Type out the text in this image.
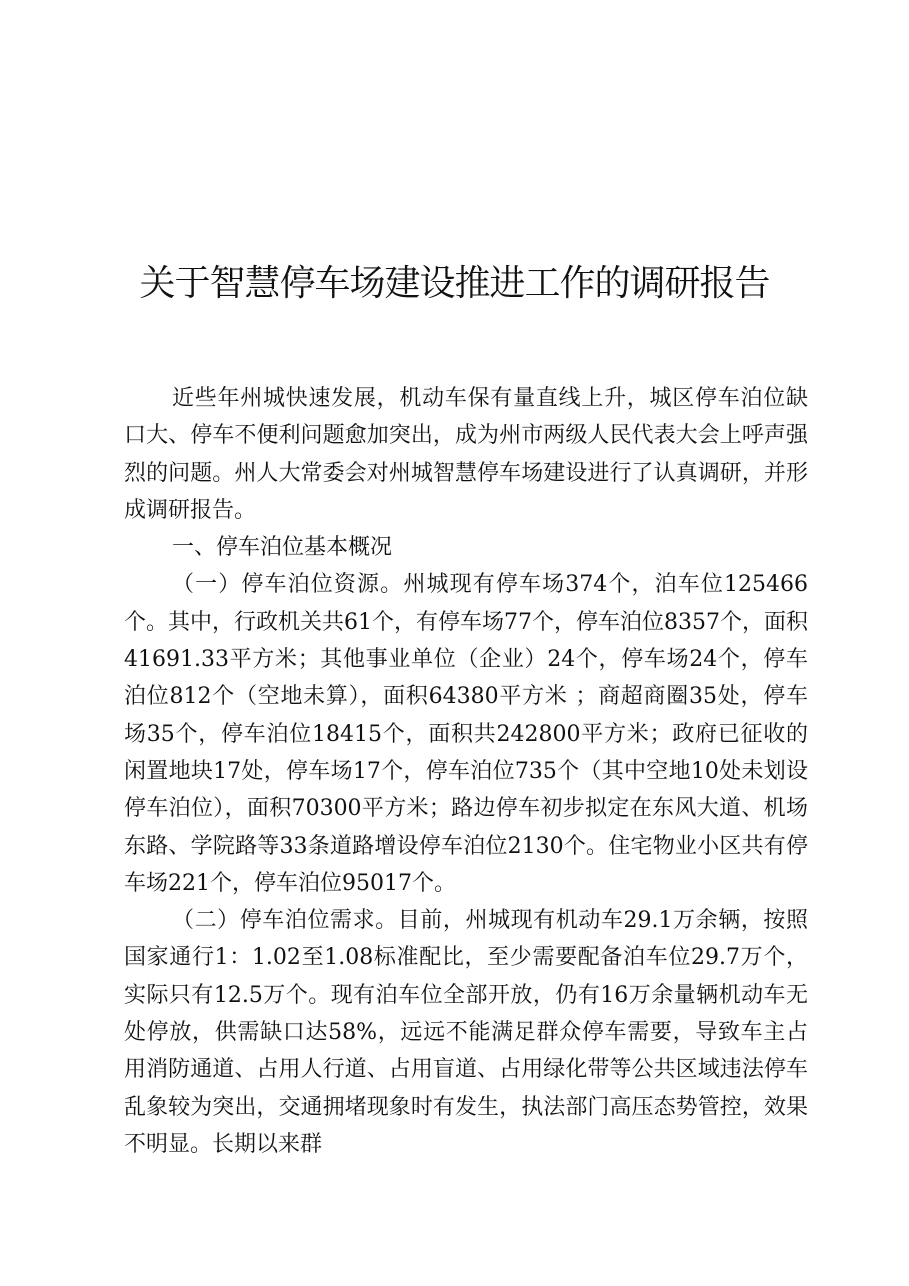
关于智慧停车场建设推进工作的调研报告

近些年州城快速发展，机动车保有量直线上升，城区停车泊位缺口大、停车不便利问题愈加突出，成为州市两级人民代表大会上呼声强烈的问题。州人大常委会对州城智慧停车场建设进行了认真调研，并形成调研报告。

一、停车泊位基本概况

（一）停车泊位资源。州城现有停车场374个，泊车位125466个。其中，行政机关共61个，有停车场77个，停车泊位8357个，面积41691.33平方米；其他事业单位（企业）24个，停车场24个，停车泊位812个（空地未算），面积64380平方米 ；商超商圈35处，停车场35个，停车泊位18415个，面积共242800平方米；政府已征收的闲置地块17处，停车场17个，停车泊位735个（其中空地10处未划设停车泊位），面积70300平方米；路边停车初步拟定在东风大道、机场东路、学院路等33条道路增设停车泊位2130个。住宅物业小区共有停车场221个，停车泊位95017个。

（二）停车泊位需求。目前，州城现有机动车29.1万余辆，按照国家通行1：1.02至1.08标准配比，至少需要配备泊车位29.7万个，实际只有12.5万个。现有泊车位全部开放，仍有16万余量辆机动车无处停放，供需缺口达58%，远远不能满足群众停车需要，导致车主占用消防通道、占用人行道、占用盲道、占用绿化带等公共区域违法停车乱象较为突出，交通拥堵现象时有发生，执法部门高压态势管控，效果不明显。长期以来群
